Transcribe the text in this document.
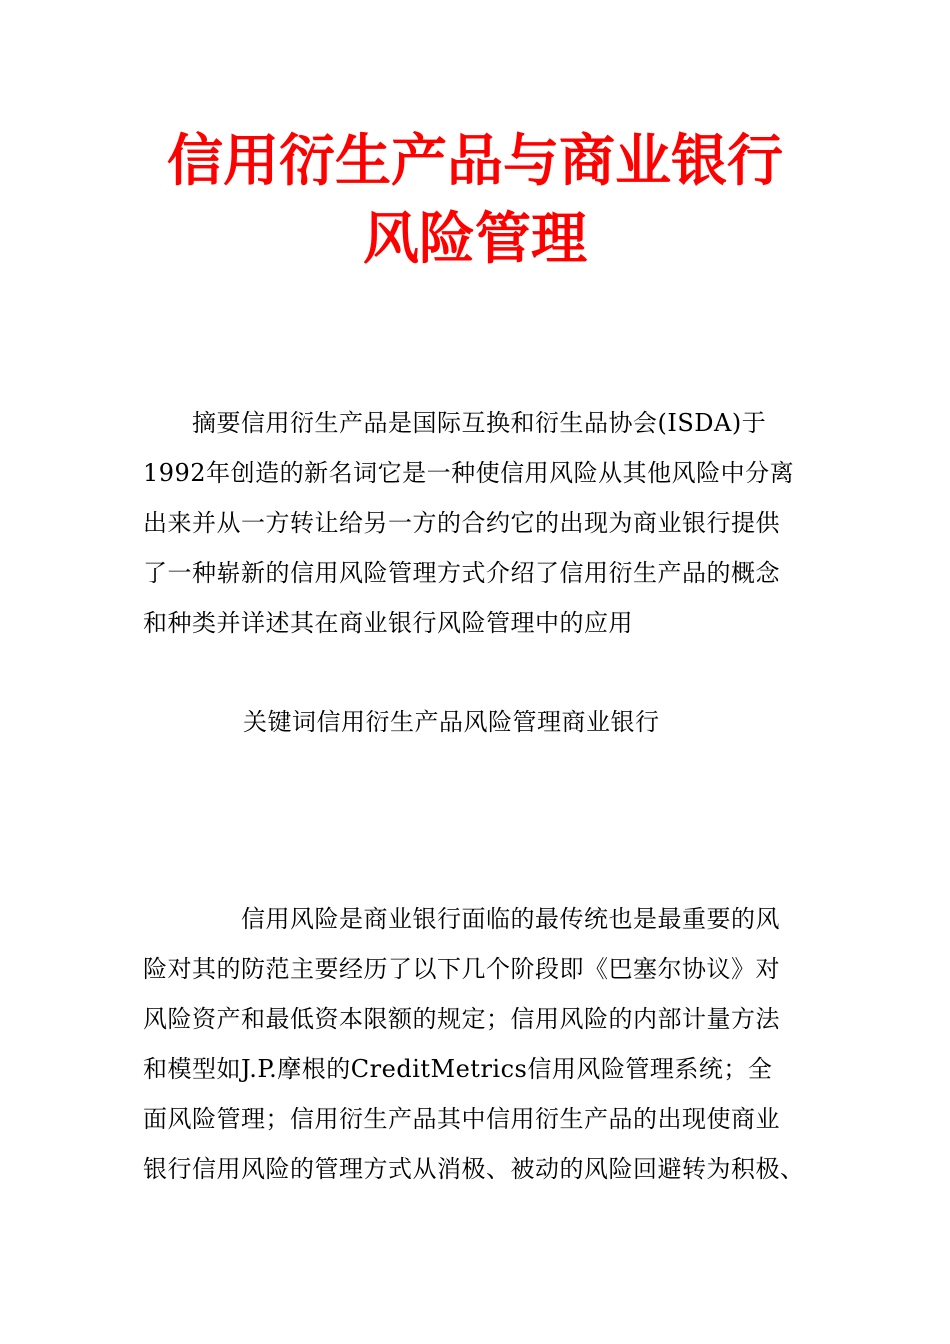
信用衍生产品与商业银行
风险管理
　　摘要信用衍生产品是国际互换和衍生品协会(ISDA)于
1992年创造的新名词它是一种使信用风险从其他风险中分离
出来并从一方转让给另一方的合约它的出现为商业银行提供
了一种崭新的信用风险管理方式介绍了信用衍生产品的概念
和种类并详述其在商业银行风险管理中的应用
关键词信用衍生产品风险管理商业银行
　　　　信用风险是商业银行面临的最传统也是最重要的风
险对其的防范主要经历了以下几个阶段即《巴塞尔协议》对
风险资产和最低资本限额的规定；信用风险的内部计量方法
和模型如J.P.摩根的CreditMetrics信用风险管理系统；全
面风险管理；信用衍生产品其中信用衍生产品的出现使商业
银行信用风险的管理方式从消极、被动的风险回避转为积极、
